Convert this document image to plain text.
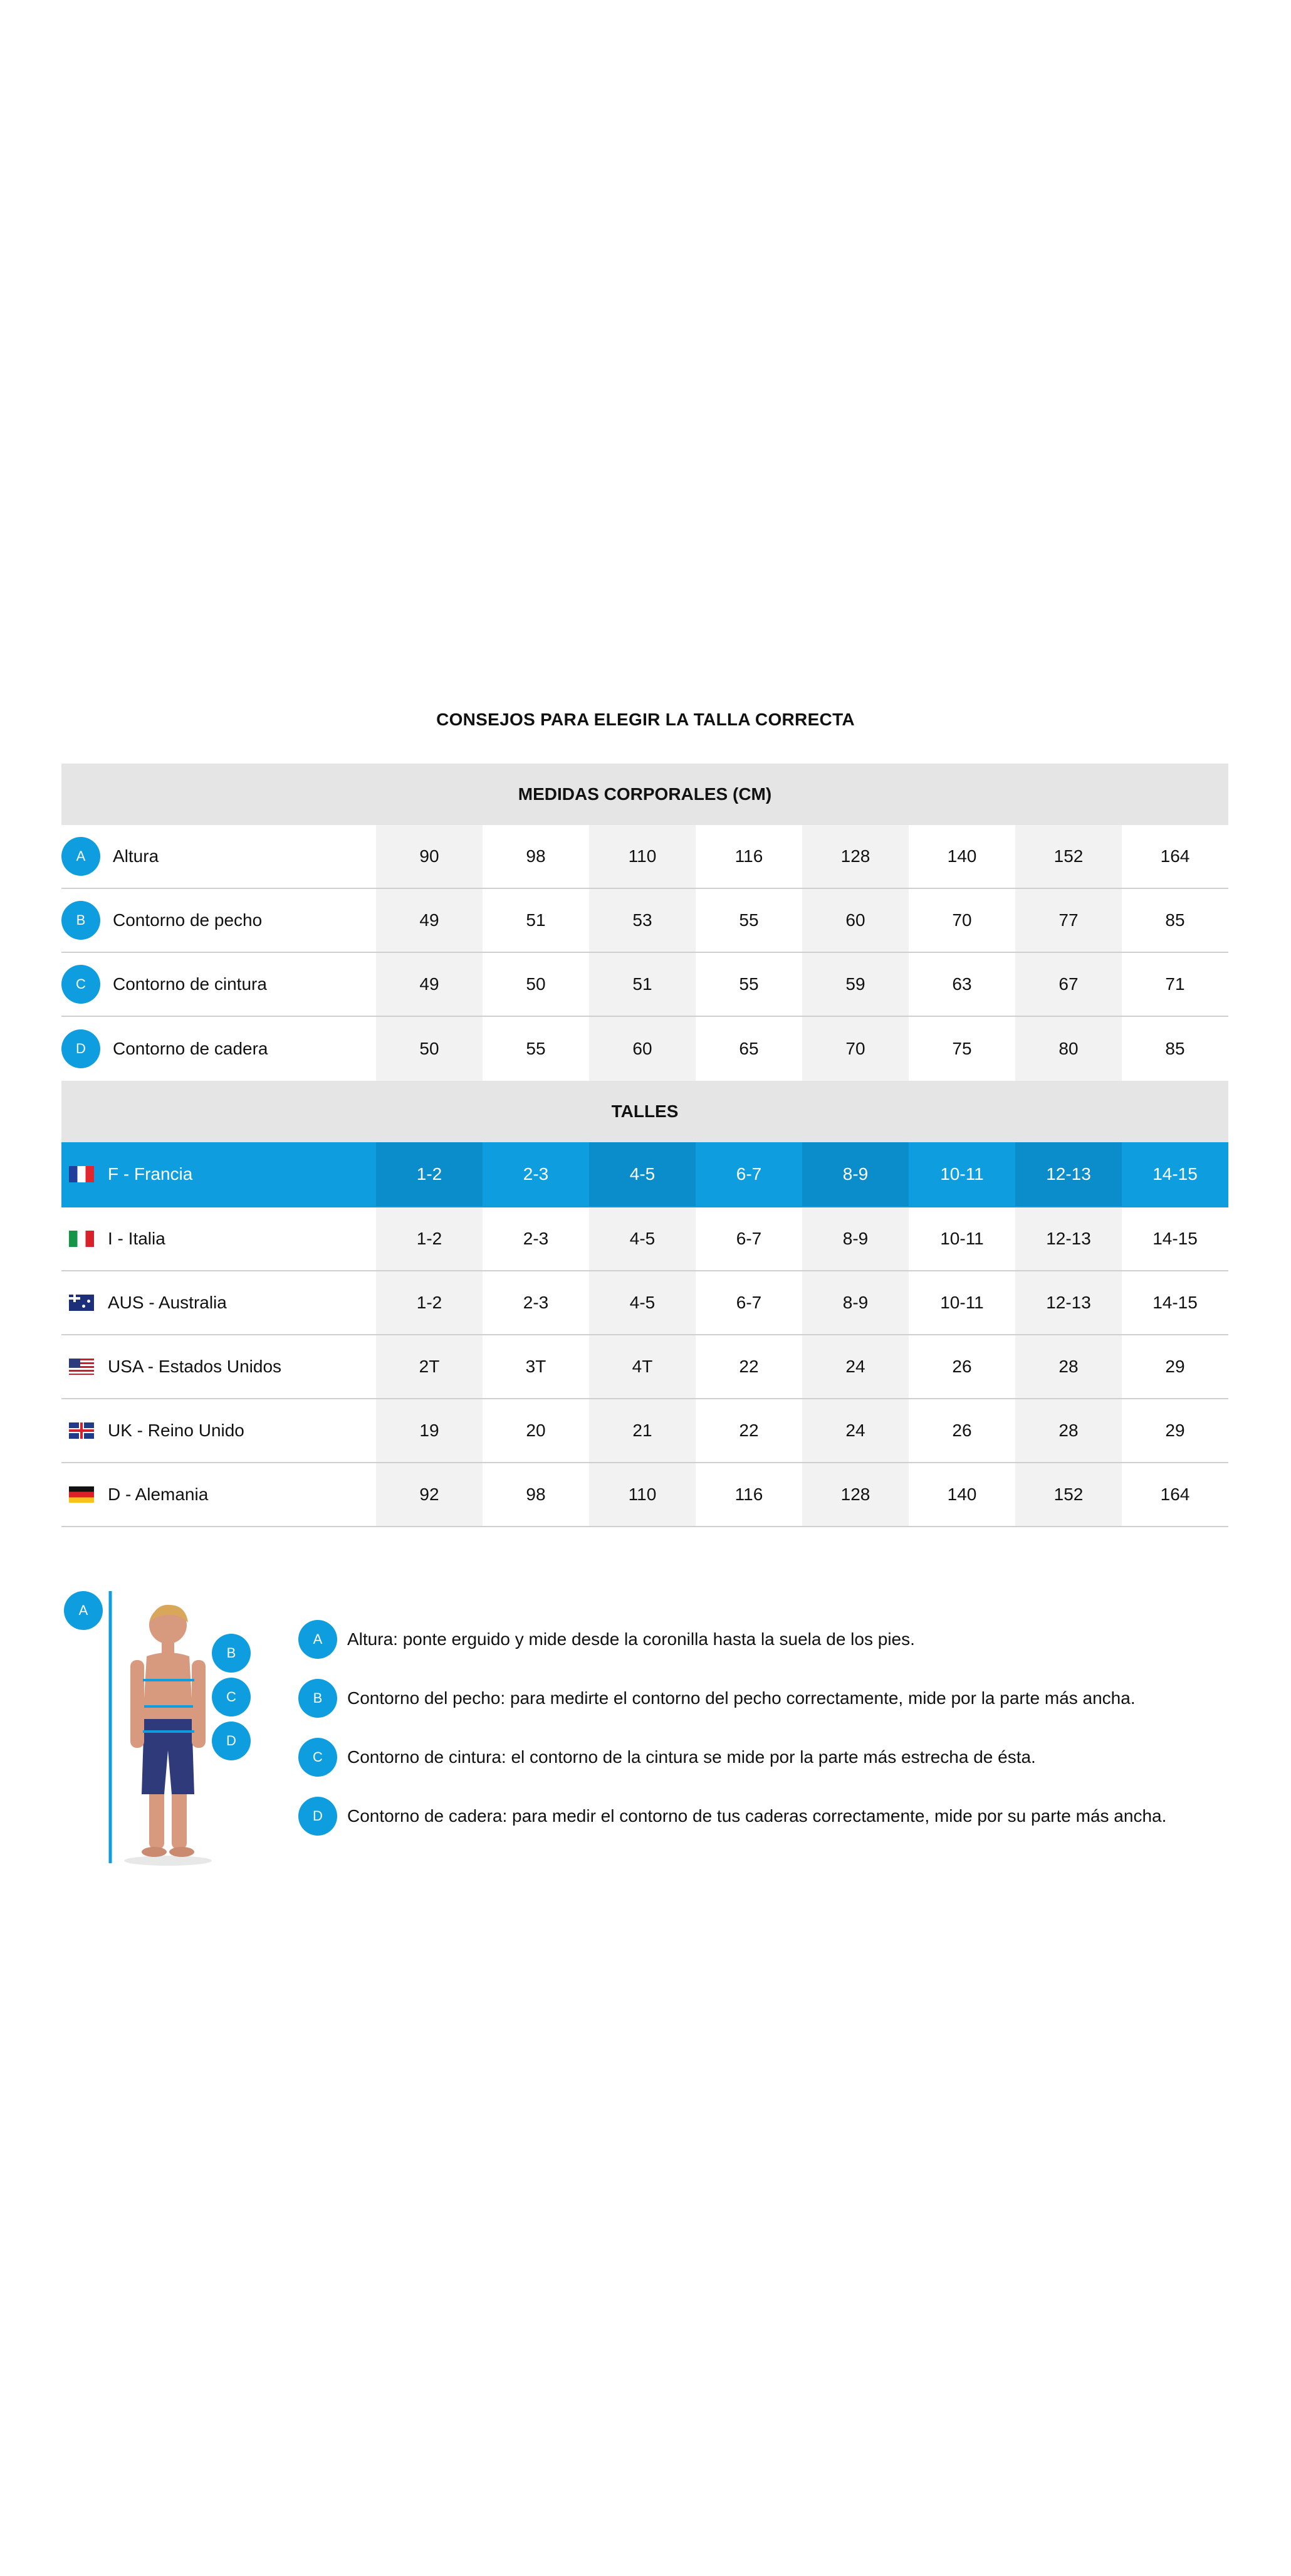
CONSEJOS PARA ELEGIR LA TALLA CORRECTA
MEDIDAS CORPORALES (CM)
A	Altura	90	98	110	116	128	140	152	164
B	Contorno de pecho	49	51	53	55	60	70	77	85
C	Contorno de cintura	49	50	51	55	59	63	67	71
D	Contorno de cadera	50	55	60	65	70	75	80	85
TALLES
F - Francia	1-2	2-3	4-5	6-7	8-9	10-11	12-13	14-15
I - Italia	1-2	2-3	4-5	6-7	8-9	10-11	12-13	14-15
AUS - Australia	1-2	2-3	4-5	6-7	8-9	10-11	12-13	14-15
USA - Estados Unidos	2T	3T	4T	22	24	26	28	29
UK - Reino Unido	19	20	21	22	24	26	28	29
D - Alemania	92	98	110	116	128	140	152	164
A
B
C
D
A	Altura: ponte erguido y mide desde la coronilla hasta la suela de los pies.
B	Contorno del pecho: para medirte el contorno del pecho correctamente, mide por la parte más ancha.
C	Contorno de cintura: el contorno de la cintura se mide por la parte más estrecha de ésta.
D	Contorno de cadera: para medir el contorno de tus caderas correctamente, mide por su parte más ancha.
